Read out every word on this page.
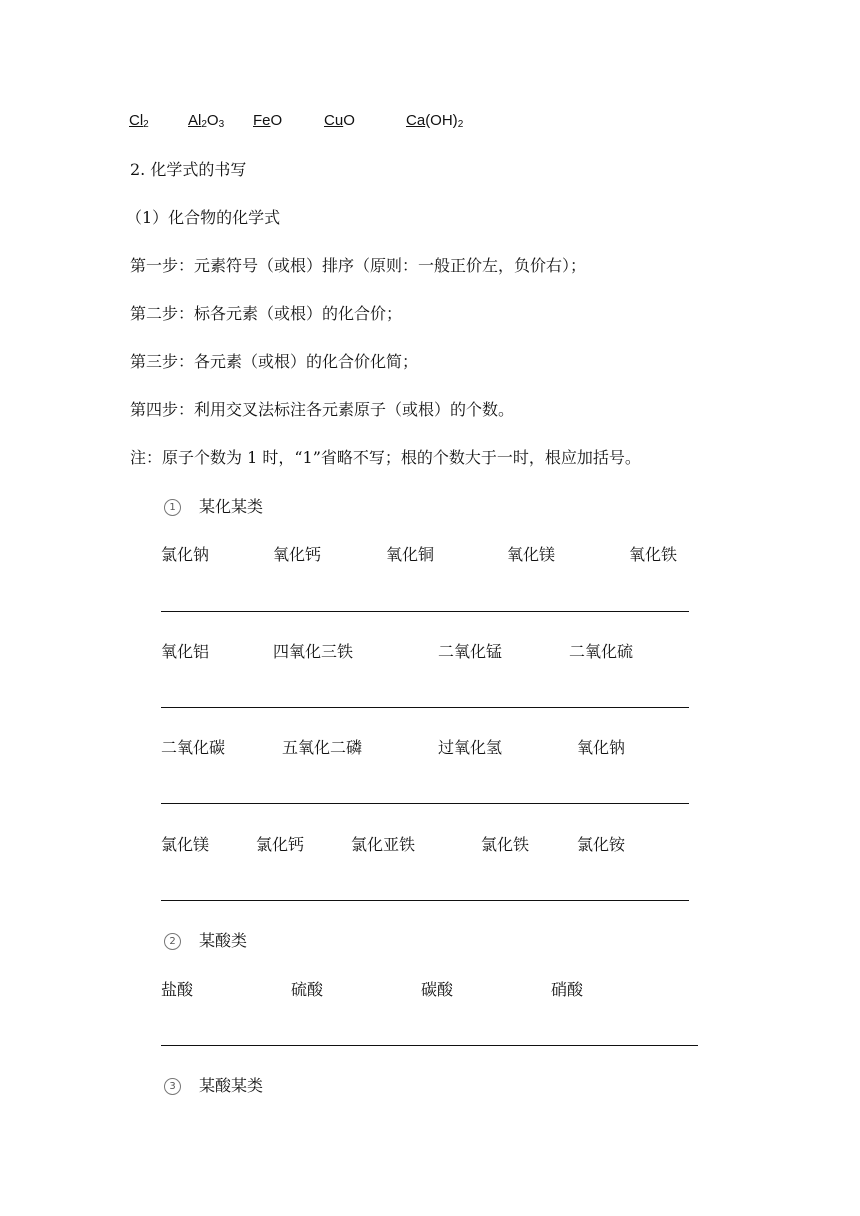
$Cl_2$	$Al_2O_3$ FeO	CuO	$Ca(OH)_2$
2. 化学式的书写
（1）化合物的化学式
第一步：元素符号（或根）排序（原则：一般正价左，负价右）；
第二步：标各元素（或根）的化合价；
第三步：各元素（或根）的化合价化简；
第四步：利用交叉法标注各元素原子（或根）的个数。
注：原子个数为 1 时，“1”省略不写；根的个数大于一时，根应加括号。
1 某化某类
氯化钠	氧化钙	氧化铜	氧化镁	氧化铁
氧化铝	四氧化三铁	二氧化锰	二氧化硫
二氧化碳	五氧化二磷	过氧化氢	氧化钠
氯化镁	氯化钙	氯化亚铁	氯化铁	氯化铵
2 某酸类
盐酸	硫酸	碳酸	硝酸
3 某酸某类
